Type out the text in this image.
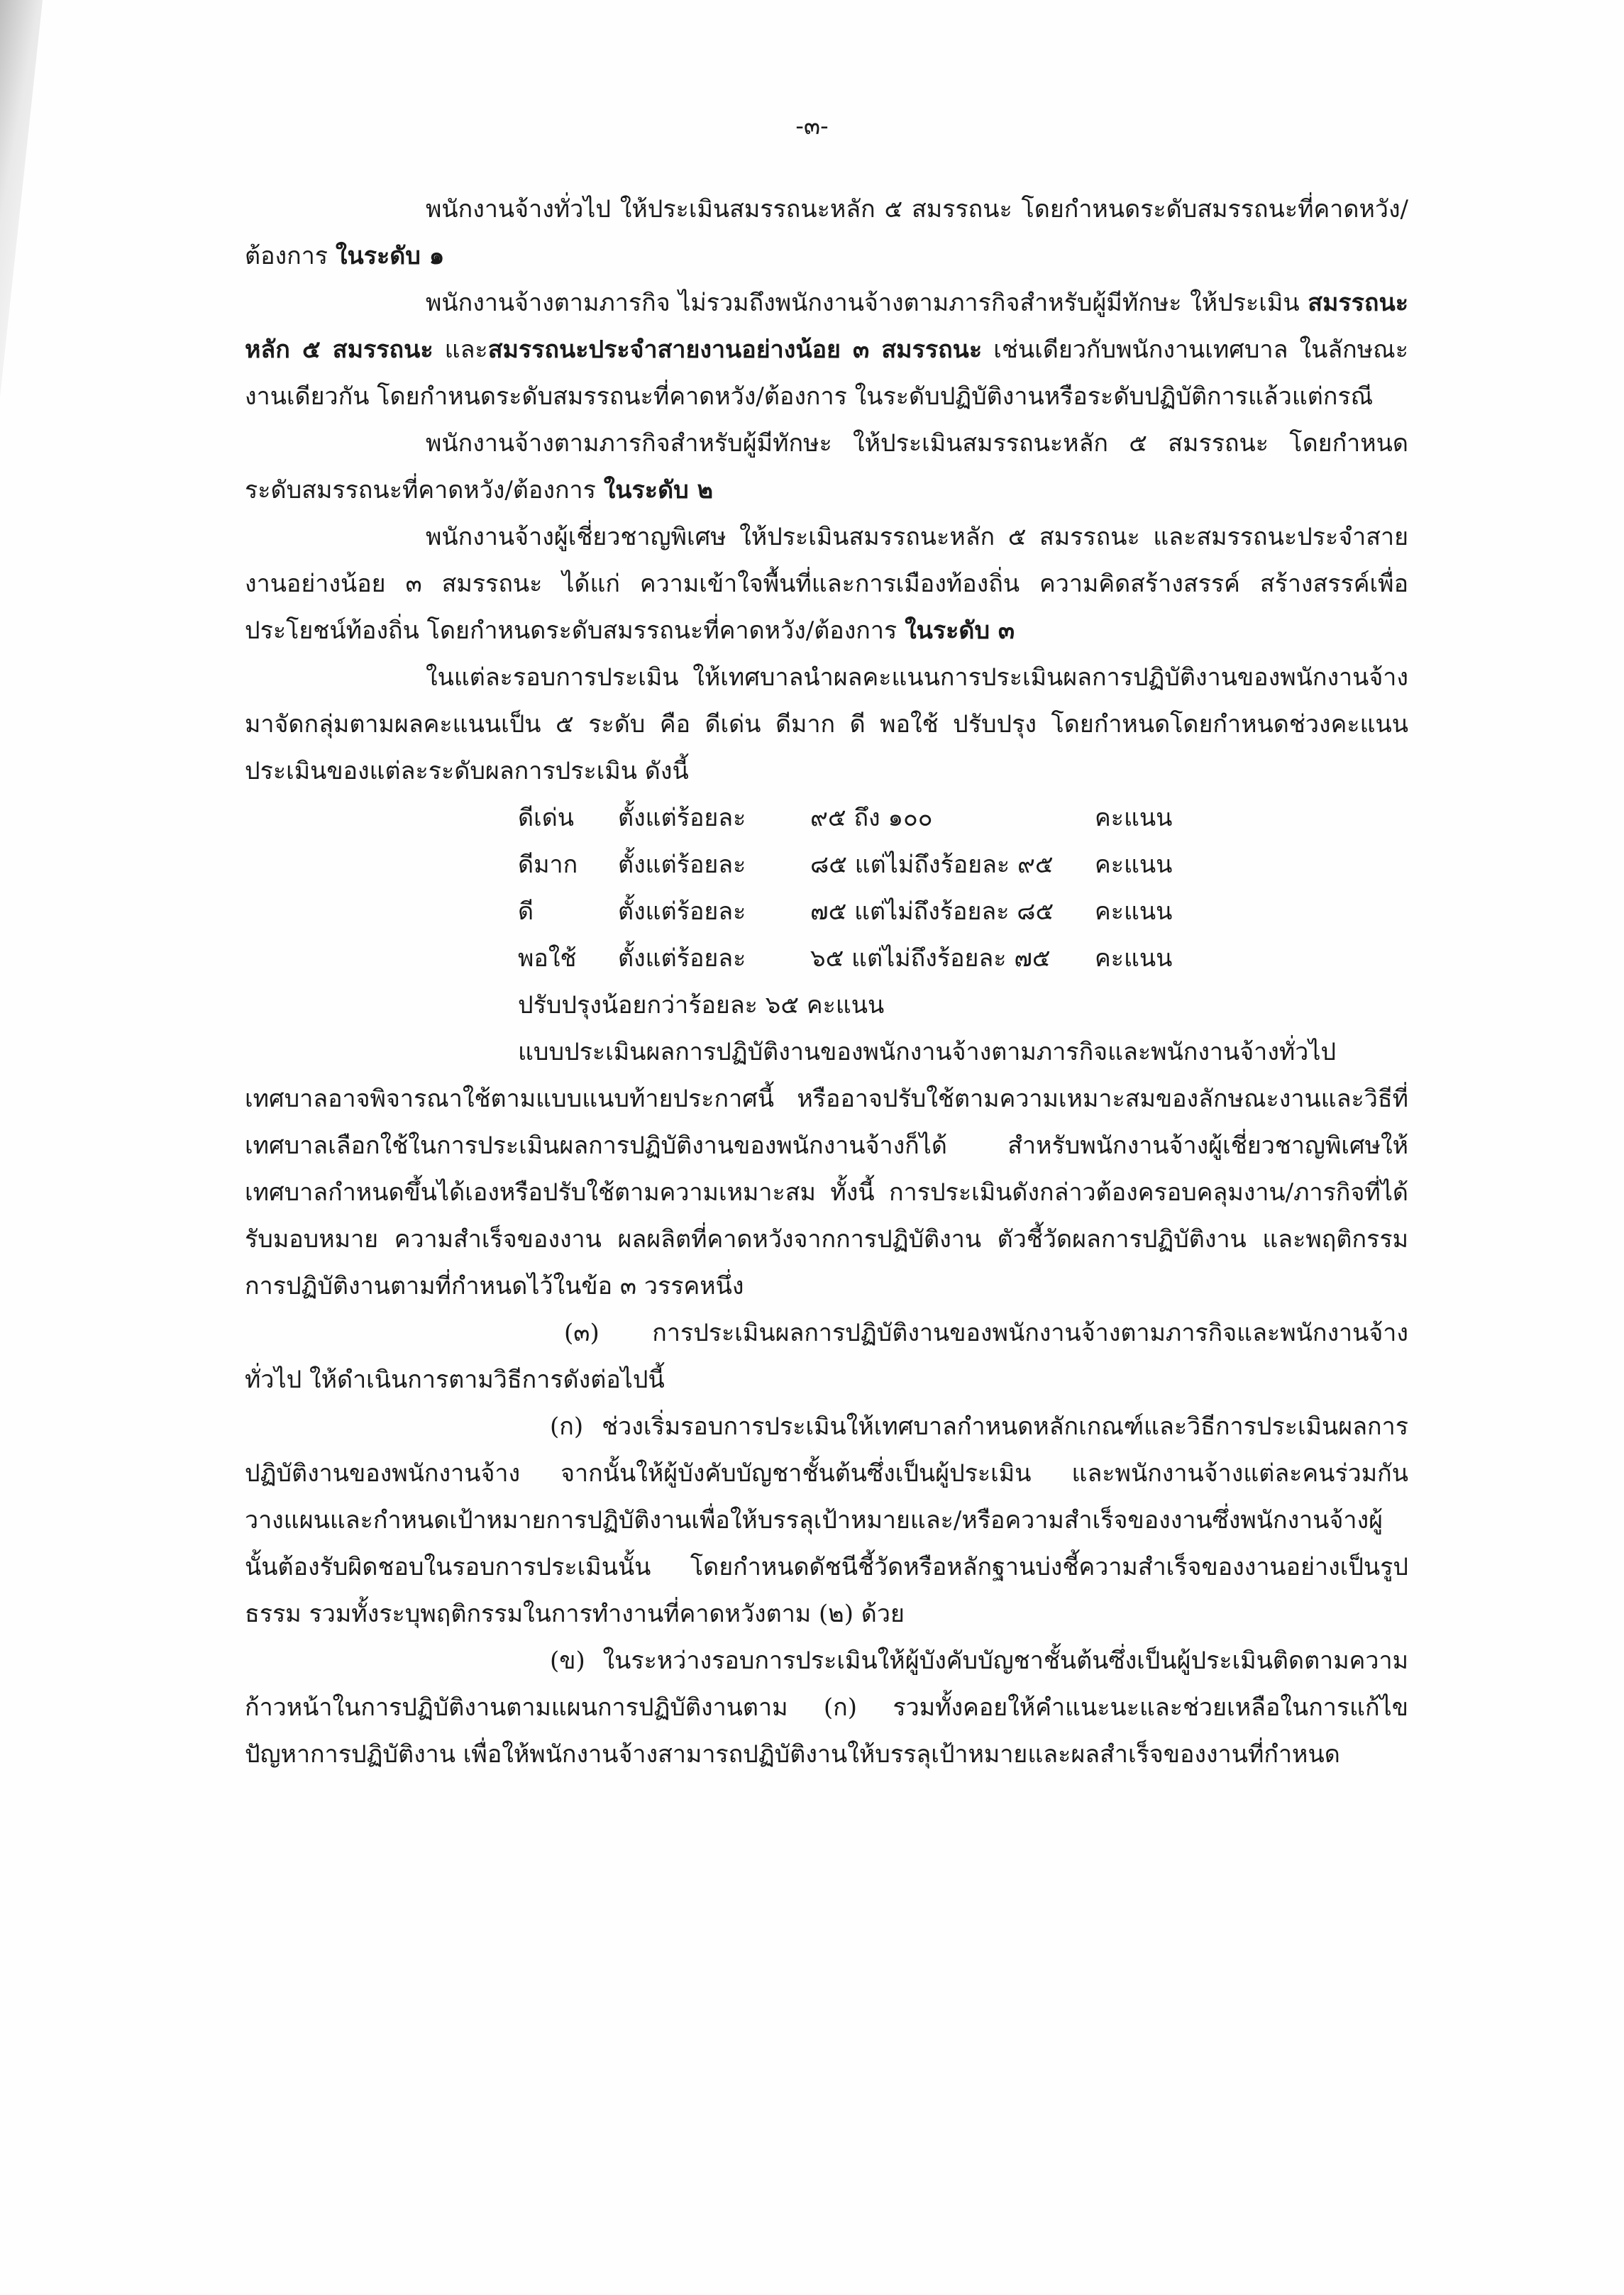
-๓-

พนักงานจ้างทั่วไป ให้ประเมินสมรรถนะหลัก ๕ สมรรถนะ โดยกำหนดระดับสมรรถนะที่คาดหวัง/ต้องการ ในระดับ ๑

พนักงานจ้างตามภารกิจ ไม่รวมถึงพนักงานจ้างตามภารกิจสำหรับผู้มีทักษะ ให้ประเมิน สมรรถนะหลัก ๕ สมรรถนะ และสมรรถนะประจำสายงานอย่างน้อย ๓ สมรรถนะ เช่นเดียวกับพนักงานเทศบาล ในลักษณะงานเดียวกัน โดยกำหนดระดับสมรรถนะที่คาดหวัง/ต้องการ ในระดับปฏิบัติงานหรือระดับปฏิบัติการแล้วแต่กรณี

พนักงานจ้างตามภารกิจสำหรับผู้มีทักษะ ให้ประเมินสมรรถนะหลัก ๕ สมรรถนะ โดยกำหนดระดับสมรรถนะที่คาดหวัง/ต้องการ ในระดับ ๒

พนักงานจ้างผู้เชี่ยวชาญพิเศษ ให้ประเมินสมรรถนะหลัก ๕ สมรรถนะ และสมรรถนะประจำสายงานอย่างน้อย ๓ สมรรถนะ ได้แก่ ความเข้าใจพื้นที่และการเมืองท้องถิ่น ความคิดสร้างสรรค์ สร้างสรรค์เพื่อประโยชน์ท้องถิ่น โดยกำหนดระดับสมรรถนะที่คาดหวัง/ต้องการ ในระดับ ๓

ในแต่ละรอบการประเมิน ให้เทศบาลนำผลคะแนนการประเมินผลการปฏิบัติงานของพนักงานจ้างมาจัดกลุ่มตามผลคะแนนเป็น ๕ ระดับ คือ ดีเด่น ดีมาก ดี พอใช้ ปรับปรุง โดยกำหนดโดยกำหนดช่วงคะแนนประเมินของแต่ละระดับผลการประเมิน ดังนี้

ดีเด่น	ตั้งแต่ร้อยละ	๙๕ ถึง ๑๐๐	คะแนน
ดีมาก	ตั้งแต่ร้อยละ	๘๕ แต่ไม่ถึงร้อยละ ๙๕	คะแนน
ดี	ตั้งแต่ร้อยละ	๗๕ แต่ไม่ถึงร้อยละ ๘๕	คะแนน
พอใช้	ตั้งแต่ร้อยละ	๖๕ แต่ไม่ถึงร้อยละ ๗๕	คะแนน
ปรับปรุงน้อยกว่าร้อยละ ๖๕ คะแนน			

แบบประเมินผลการปฏิบัติงานของพนักงานจ้างตามภารกิจและพนักงานจ้างทั่วไปเทศบาลอาจพิจารณาใช้ตามแบบแนบท้ายประกาศนี้ หรืออาจปรับใช้ตามความเหมาะสมของลักษณะงานและวิธีที่เทศบาลเลือกใช้ในการประเมินผลการปฏิบัติงานของพนักงานจ้างก็ได้ สำหรับพนักงานจ้างผู้เชี่ยวชาญพิเศษให้เทศบาลกำหนดขึ้นได้เองหรือปรับใช้ตามความเหมาะสม ทั้งนี้ การประเมินดังกล่าวต้องครอบคลุมงาน/ภารกิจที่ได้รับมอบหมาย ความสำเร็จของงาน ผลผลิตที่คาดหวังจากการปฏิบัติงาน ตัวชี้วัดผลการปฏิบัติงาน และพฤติกรรมการปฏิบัติงานตามที่กำหนดไว้ในข้อ ๓ วรรคหนึ่ง

(๓) การประเมินผลการปฏิบัติงานของพนักงานจ้างตามภารกิจและพนักงานจ้างทั่วไป ให้ดำเนินการตามวิธีการดังต่อไปนี้

(ก) ช่วงเริ่มรอบการประเมินให้เทศบาลกำหนดหลักเกณฑ์และวิธีการประเมินผลการปฏิบัติงานของพนักงานจ้าง จากนั้นให้ผู้บังคับบัญชาชั้นต้นซึ่งเป็นผู้ประเมิน และพนักงานจ้างแต่ละคนร่วมกันวางแผนและกำหนดเป้าหมายการปฏิบัติงานเพื่อให้บรรลุเป้าหมายและ/หรือความสำเร็จของงานซึ่งพนักงานจ้างผู้นั้นต้องรับผิดชอบในรอบการประเมินนั้น โดยกำหนดดัชนีชี้วัดหรือหลักฐานบ่งชี้ความสำเร็จของงานอย่างเป็นรูปธรรม รวมทั้งระบุพฤติกรรมในการทำงานที่คาดหวังตาม (๒) ด้วย

(ข) ในระหว่างรอบการประเมินให้ผู้บังคับบัญชาชั้นต้นซึ่งเป็นผู้ประเมินติดตามความก้าวหน้าในการปฏิบัติงานตามแผนการปฏิบัติงานตาม (ก) รวมทั้งคอยให้คำแนะนะและช่วยเหลือในการแก้ไขปัญหาการปฏิบัติงาน เพื่อให้พนักงานจ้างสามารถปฏิบัติงานให้บรรลุเป้าหมายและผลสำเร็จของงานที่กำหนด
